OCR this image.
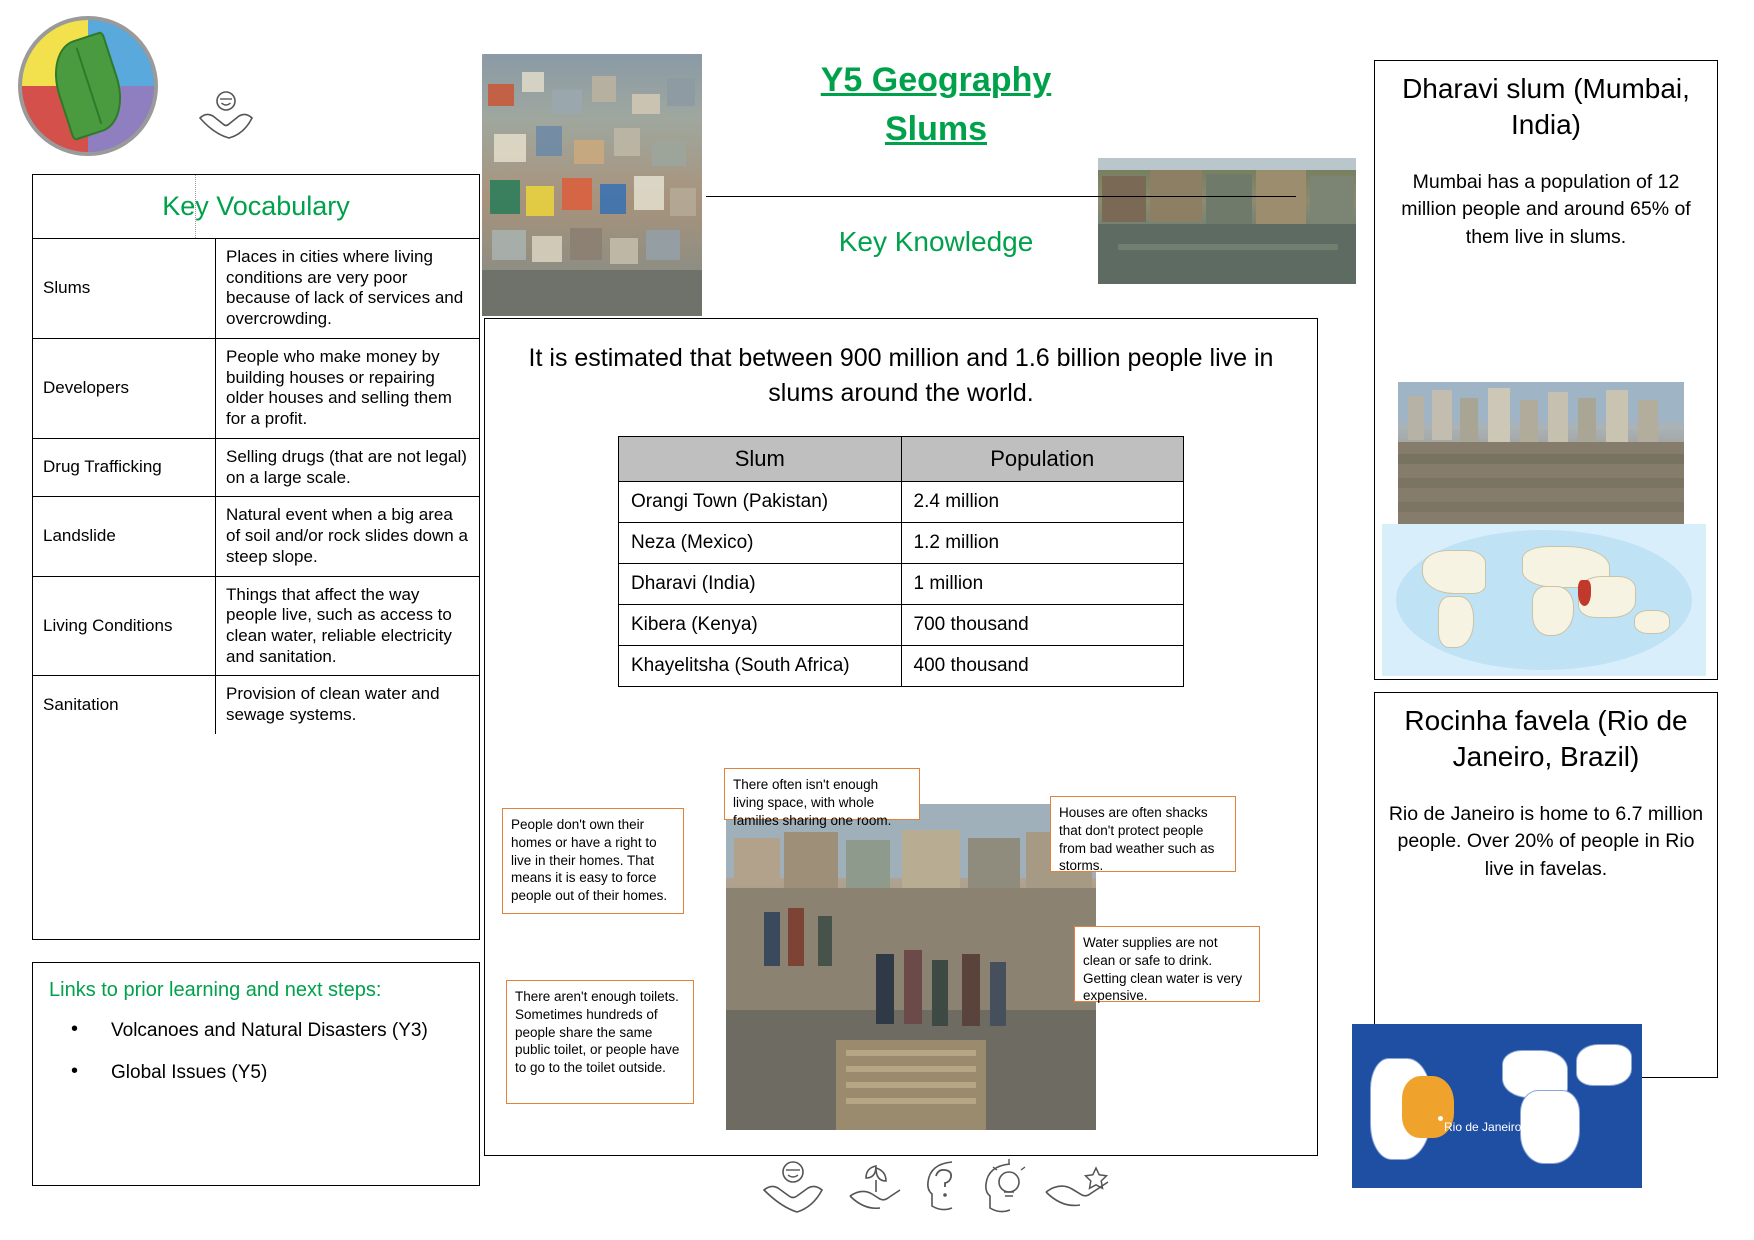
Key Vocabulary
Slums	Places in cities where living conditions are very poor because of lack of services and overcrowding.
Developers	People who make money by building houses or repairing older houses and selling them for a profit.
Drug Trafficking	Selling drugs (that are not legal) on a large scale.
Landslide	Natural event when a big area of soil and/or rock slides down a steep slope.
Living Conditions	Things that affect the way people live, such as access to clean water, reliable electricity and sanitation.
Sanitation	Provision of clean water and sewage systems.
Links to prior learning and next steps:
• Volcanoes and Natural Disasters (Y3)
• Global Issues (Y5)
Y5 Geography
Slums
Key Knowledge
It is estimated that between 900 million and 1.6 billion people live in slums around the world.
Slum	Population
Orangi Town (Pakistan)	2.4 million
Neza (Mexico)	1.2 million
Dharavi (India)	1 million
Kibera (Kenya)	700 thousand
Khayelitsha (South Africa)	400 thousand
People don't own their homes or have a right to live in their homes. That means it is easy to force people out of their homes.
There often isn't enough living space, with whole families sharing one room.
Houses are often shacks that don't protect people from bad weather such as storms.
Water supplies are not clean or safe to drink. Getting clean water is very expensive.
There aren't enough toilets. Sometimes hundreds of people share the same public toilet, or people have to go to the toilet outside.
Dharavi slum (Mumbai, India)
Mumbai has a population of 12 million people and around 65% of them live in slums.
Rocinha favela (Rio de Janeiro, Brazil)
Rio de Janeiro is home to 6.7 million people. Over 20% of people in Rio live in favelas.
Rio de Janeiro
